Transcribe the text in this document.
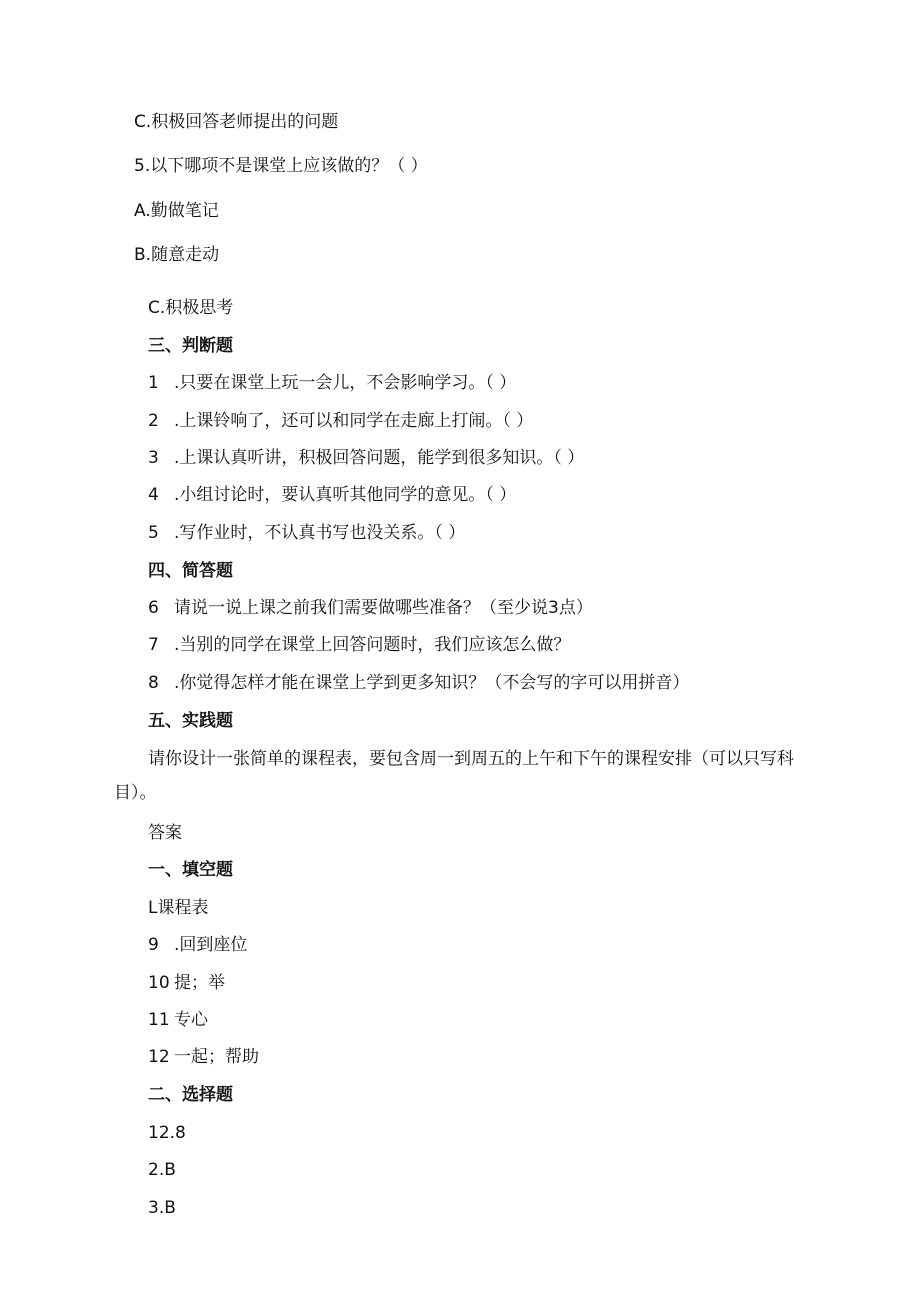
C.积极回答老师提出的问题
5.以下哪项不是课堂上应该做的？（ ）
A.勤做笔记
B.随意走动
C.积极思考
三、判断题
1 .只要在课堂上玩一会儿，不会影响学习。（ ）
2 .上课铃响了，还可以和同学在走廊上打闹。（ ）
3 .上课认真听讲，积极回答问题，能学到很多知识。（ ）
4 .小组讨论时，要认真听其他同学的意见。（ ）
5 .写作业时，不认真书写也没关系。（ ）
四、简答题
6 请说一说上课之前我们需要做哪些准备？（至少说3点）
7 .当别的同学在课堂上回答问题时，我们应该怎么做？
8 .你觉得怎样才能在课堂上学到更多知识？（不会写的字可以用拼音）
五、实践题
请你设计一张简单的课程表，要包含周一到周五的上午和下午的课程安排（可以只写科目）。
答案
一、填空题
L课程表
9 .回到座位
10 提；举
11 专心
12 一起；帮助
二、选择题
12.8
2.B
3.B
